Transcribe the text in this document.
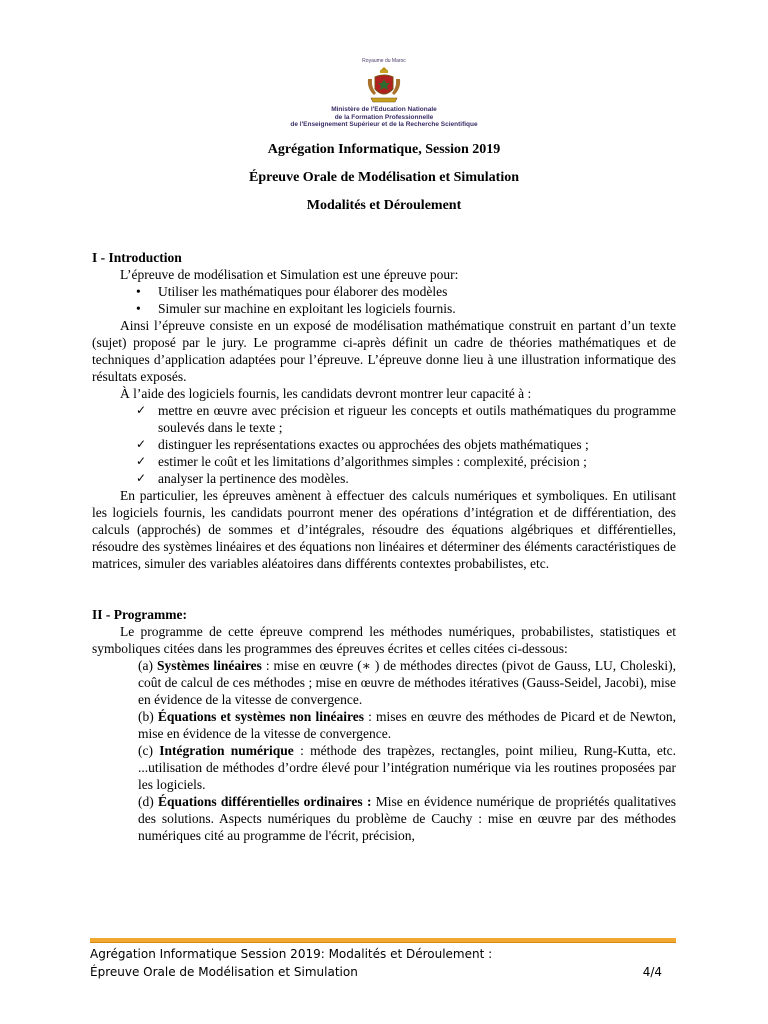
Royaume du Maroc
Ministère de l'Education Nationale
de la Formation Professionnelle
de l'Enseignement Supérieur et de la Recherche Scientifique
Agrégation Informatique, Session 2019
Épreuve Orale de Modélisation et Simulation
Modalités et Déroulement
I - Introduction
L’épreuve de modélisation et Simulation est une épreuve pour:
• Utiliser les mathématiques pour élaborer des modèles
• Simuler sur machine en exploitant les logiciels fournis.
Ainsi l’épreuve consiste en un exposé de modélisation mathématique construit en partant d’un texte (sujet) proposé par le jury. Le programme ci-après définit un cadre de théories mathématiques et de techniques d’application adaptées pour l’épreuve. L’épreuve donne lieu à une illustration informatique des résultats exposés.
À l’aide des logiciels fournis, les candidats devront montrer leur capacité à :
✓ mettre en œuvre avec précision et rigueur les concepts et outils mathématiques du programme soulevés dans le texte ;
✓ distinguer les représentations exactes ou approchées des objets mathématiques ;
✓ estimer le coût et les limitations d’algorithmes simples : complexité, précision ;
✓ analyser la pertinence des modèles.
En particulier, les épreuves amènent à effectuer des calculs numériques et symboliques. En utilisant les logiciels fournis, les candidats pourront mener des opérations d’intégration et de différentiation, des calculs (approchés) de sommes et d’intégrales, résoudre des équations algébriques et différentielles, résoudre des systèmes linéaires et des équations non linéaires et déterminer des éléments caractéristiques de matrices, simuler des variables aléatoires dans différents contextes probabilistes, etc.
II - Programme:
Le programme de cette épreuve comprend les méthodes numériques, probabilistes, statistiques et symboliques citées dans les programmes des épreuves écrites et celles citées ci-dessous:
(a) Systèmes linéaires : mise en œuvre (∗ ) de méthodes directes (pivot de Gauss, LU, Choleski), coût de calcul de ces méthodes ; mise en œuvre de méthodes itératives (Gauss-Seidel, Jacobi), mise en évidence de la vitesse de convergence.
(b) Équations et systèmes non linéaires : mises en œuvre des méthodes de Picard et de Newton, mise en évidence de la vitesse de convergence.
(c) Intégration numérique : méthode des trapèzes, rectangles, point milieu, Rung-Kutta, etc. ...utilisation de méthodes d’ordre élevé pour l’intégration numérique via les routines proposées par les logiciels.
(d) Équations différentielles ordinaires : Mise en évidence numérique de propriétés qualitatives des solutions. Aspects numériques du problème de Cauchy : mise en œuvre par des méthodes numériques cité au programme de l'écrit, précision,
Agrégation Informatique Session 2019: Modalités et Déroulement :
Épreuve Orale de Modélisation et Simulation	4/4
